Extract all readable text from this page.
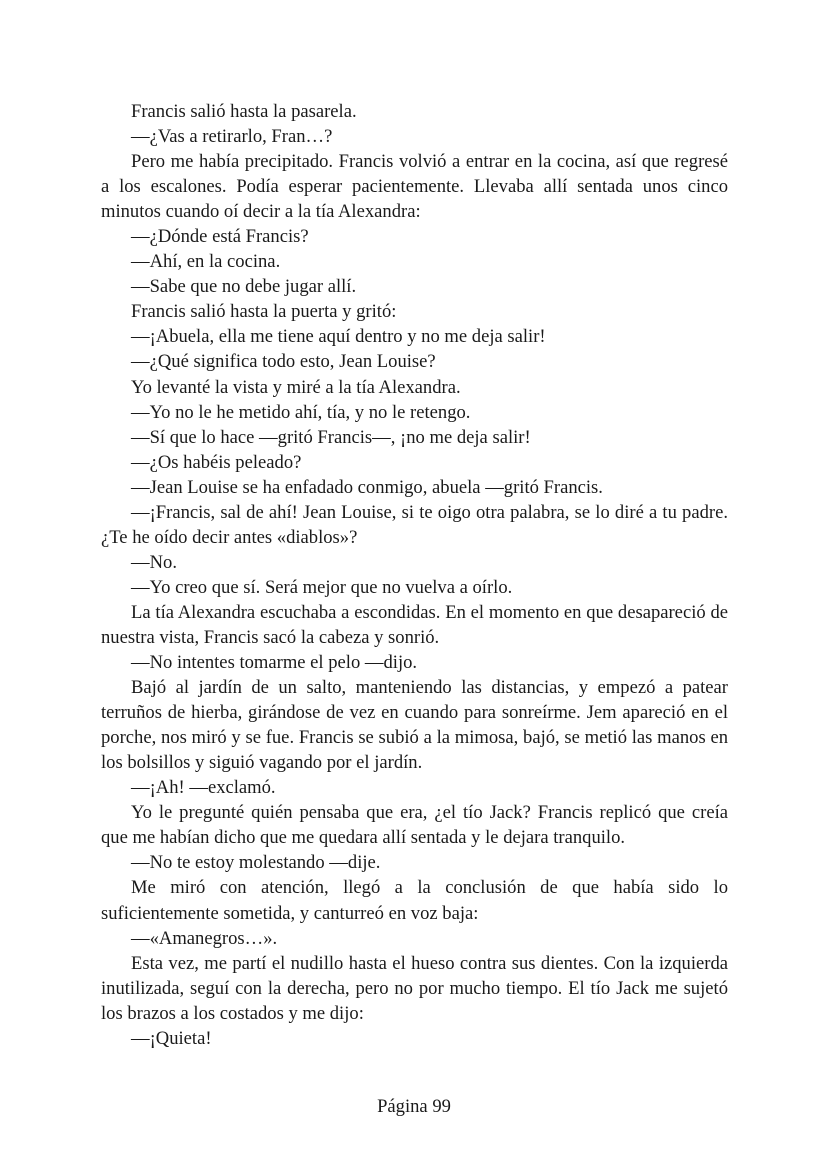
Francis salió hasta la pasarela.

—¿Vas a retirarlo, Fran…?

Pero me había precipitado. Francis volvió a entrar en la cocina, así que regresé a los escalones. Podía esperar pacientemente. Llevaba allí sentada unos cinco minutos cuando oí decir a la tía Alexandra:

—¿Dónde está Francis?

—Ahí, en la cocina.

—Sabe que no debe jugar allí.

Francis salió hasta la puerta y gritó:

—¡Abuela, ella me tiene aquí dentro y no me deja salir!

—¿Qué significa todo esto, Jean Louise?

Yo levanté la vista y miré a la tía Alexandra.

—Yo no le he metido ahí, tía, y no le retengo.

—Sí que lo hace —gritó Francis—, ¡no me deja salir!

—¿Os habéis peleado?

—Jean Louise se ha enfadado conmigo, abuela —gritó Francis.

—¡Francis, sal de ahí! Jean Louise, si te oigo otra palabra, se lo diré a tu padre. ¿Te he oído decir antes «diablos»?

—No.

—Yo creo que sí. Será mejor que no vuelva a oírlo.

La tía Alexandra escuchaba a escondidas. En el momento en que desapareció de nuestra vista, Francis sacó la cabeza y sonrió.

—No intentes tomarme el pelo —dijo.

Bajó al jardín de un salto, manteniendo las distancias, y empezó a patear terruños de hierba, girándose de vez en cuando para sonreírme. Jem apareció en el porche, nos miró y se fue. Francis se subió a la mimosa, bajó, se metió las manos en los bolsillos y siguió vagando por el jardín.

—¡Ah! —exclamó.

Yo le pregunté quién pensaba que era, ¿el tío Jack? Francis replicó que creía que me habían dicho que me quedara allí sentada y le dejara tranquilo.

—No te estoy molestando —dije.

Me miró con atención, llegó a la conclusión de que había sido lo suficientemente sometida, y canturreó en voz baja:

—«Amanegros…».

Esta vez, me partí el nudillo hasta el hueso contra sus dientes. Con la izquierda inutilizada, seguí con la derecha, pero no por mucho tiempo. El tío Jack me sujetó los brazos a los costados y me dijo:

—¡Quieta!

Página 99
